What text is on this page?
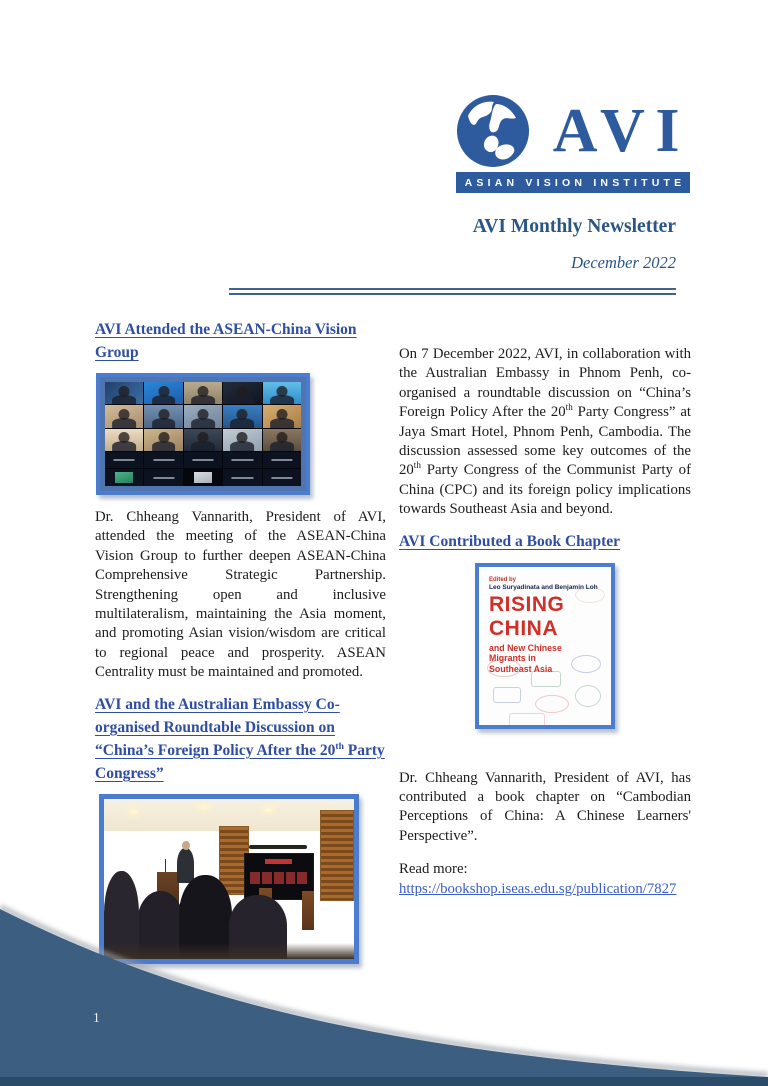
AVI
ASIAN VISION INSTITUTE
AVI Monthly Newsletter
December 2022
AVI Attended the ASEAN-China Vision Group

Dr. Chheang Vannarith, President of AVI, attended the meeting of the ASEAN-China Vision Group to further deepen ASEAN-China Comprehensive Strategic Partnership. Strengthening open and inclusive multilateralism, maintaining the Asia moment, and promoting Asian vision/wisdom are critical to regional peace and prosperity. ASEAN Centrality must be maintained and promoted.

AVI and the Australian Embassy Co-organised Roundtable Discussion on “China’s Foreign Policy After the 20th Party Congress”

On 7 December 2022, AVI, in collaboration with the Australian Embassy in Phnom Penh, co-organised a roundtable discussion on “China’s Foreign Policy After the 20th Party Congress” at Jaya Smart Hotel, Phnom Penh, Cambodia. The discussion assessed some key outcomes of the 20th Party Congress of the Communist Party of China (CPC) and its foreign policy implications towards Southeast Asia and beyond.

AVI Contributed a Book Chapter
Edited by
Leo Suryadinata and Benjamin Loh
RISING
CHINA
and New Chinese
Migrants in
Southeast Asia

Dr. Chheang Vannarith, President of AVI, has contributed a book chapter on “Cambodian Perceptions of China: A Chinese Learners' Perspective”.

Read more:

https://bookshop.iseas.edu.sg/publication/7827
1
